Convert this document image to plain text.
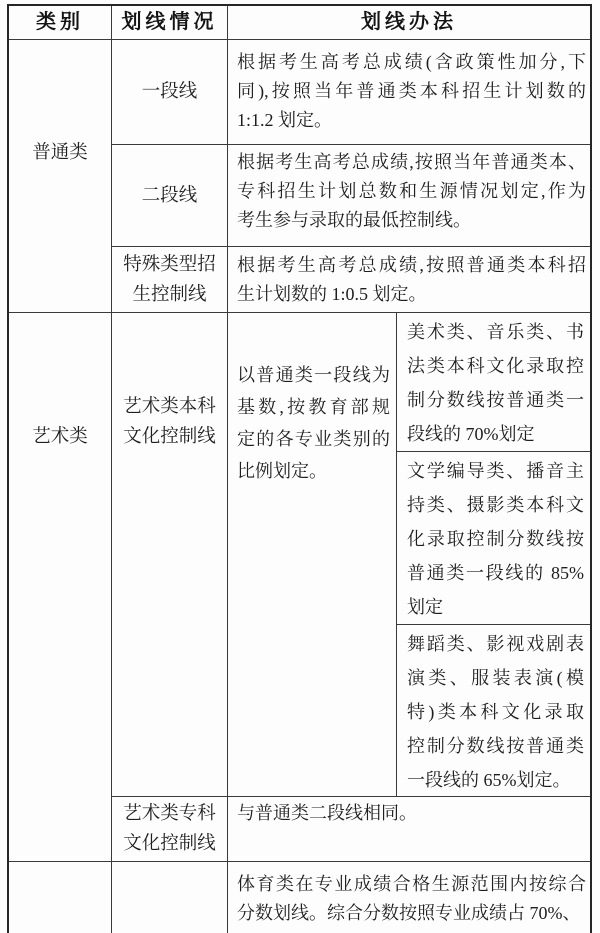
类别	划线情况	划线办法
普通类
一段线
根据考生高考总成绩(含政策性加分,下
同),按照当年普通类本科招生计划数的
1:1.2 划定。
二段线
根据考生高考总成绩,按照当年普通类本、
专科招生计划总数和生源情况划定,作为
考生参与录取的最低控制线。
特殊类型招
生控制线
根据考生高考总成绩,按照普通类本科招
生计划数的 1:0.5 划定。
艺术类
艺术类本科
文化控制线
以普通类一段线为
基数,按教育部规
定的各专业类别的
比例划定。
美术类、音乐类、书
法类本科文化录取控
制分数线按普通类一
段线的 70%划定
文学编导类、播音主
持类、摄影类本科文
化录取控制分数线按
普通类一段线的 85%
划定
舞蹈类、影视戏剧表
演类、服装表演(模
特)类本科文化录取
控制分数线按普通类
一段线的 65%划定。
艺术类专科
文化控制线
与普通类二段线相同。
体育类在专业成绩合格生源范围内按综合
分数划线。综合分数按照专业成绩占 70%、
